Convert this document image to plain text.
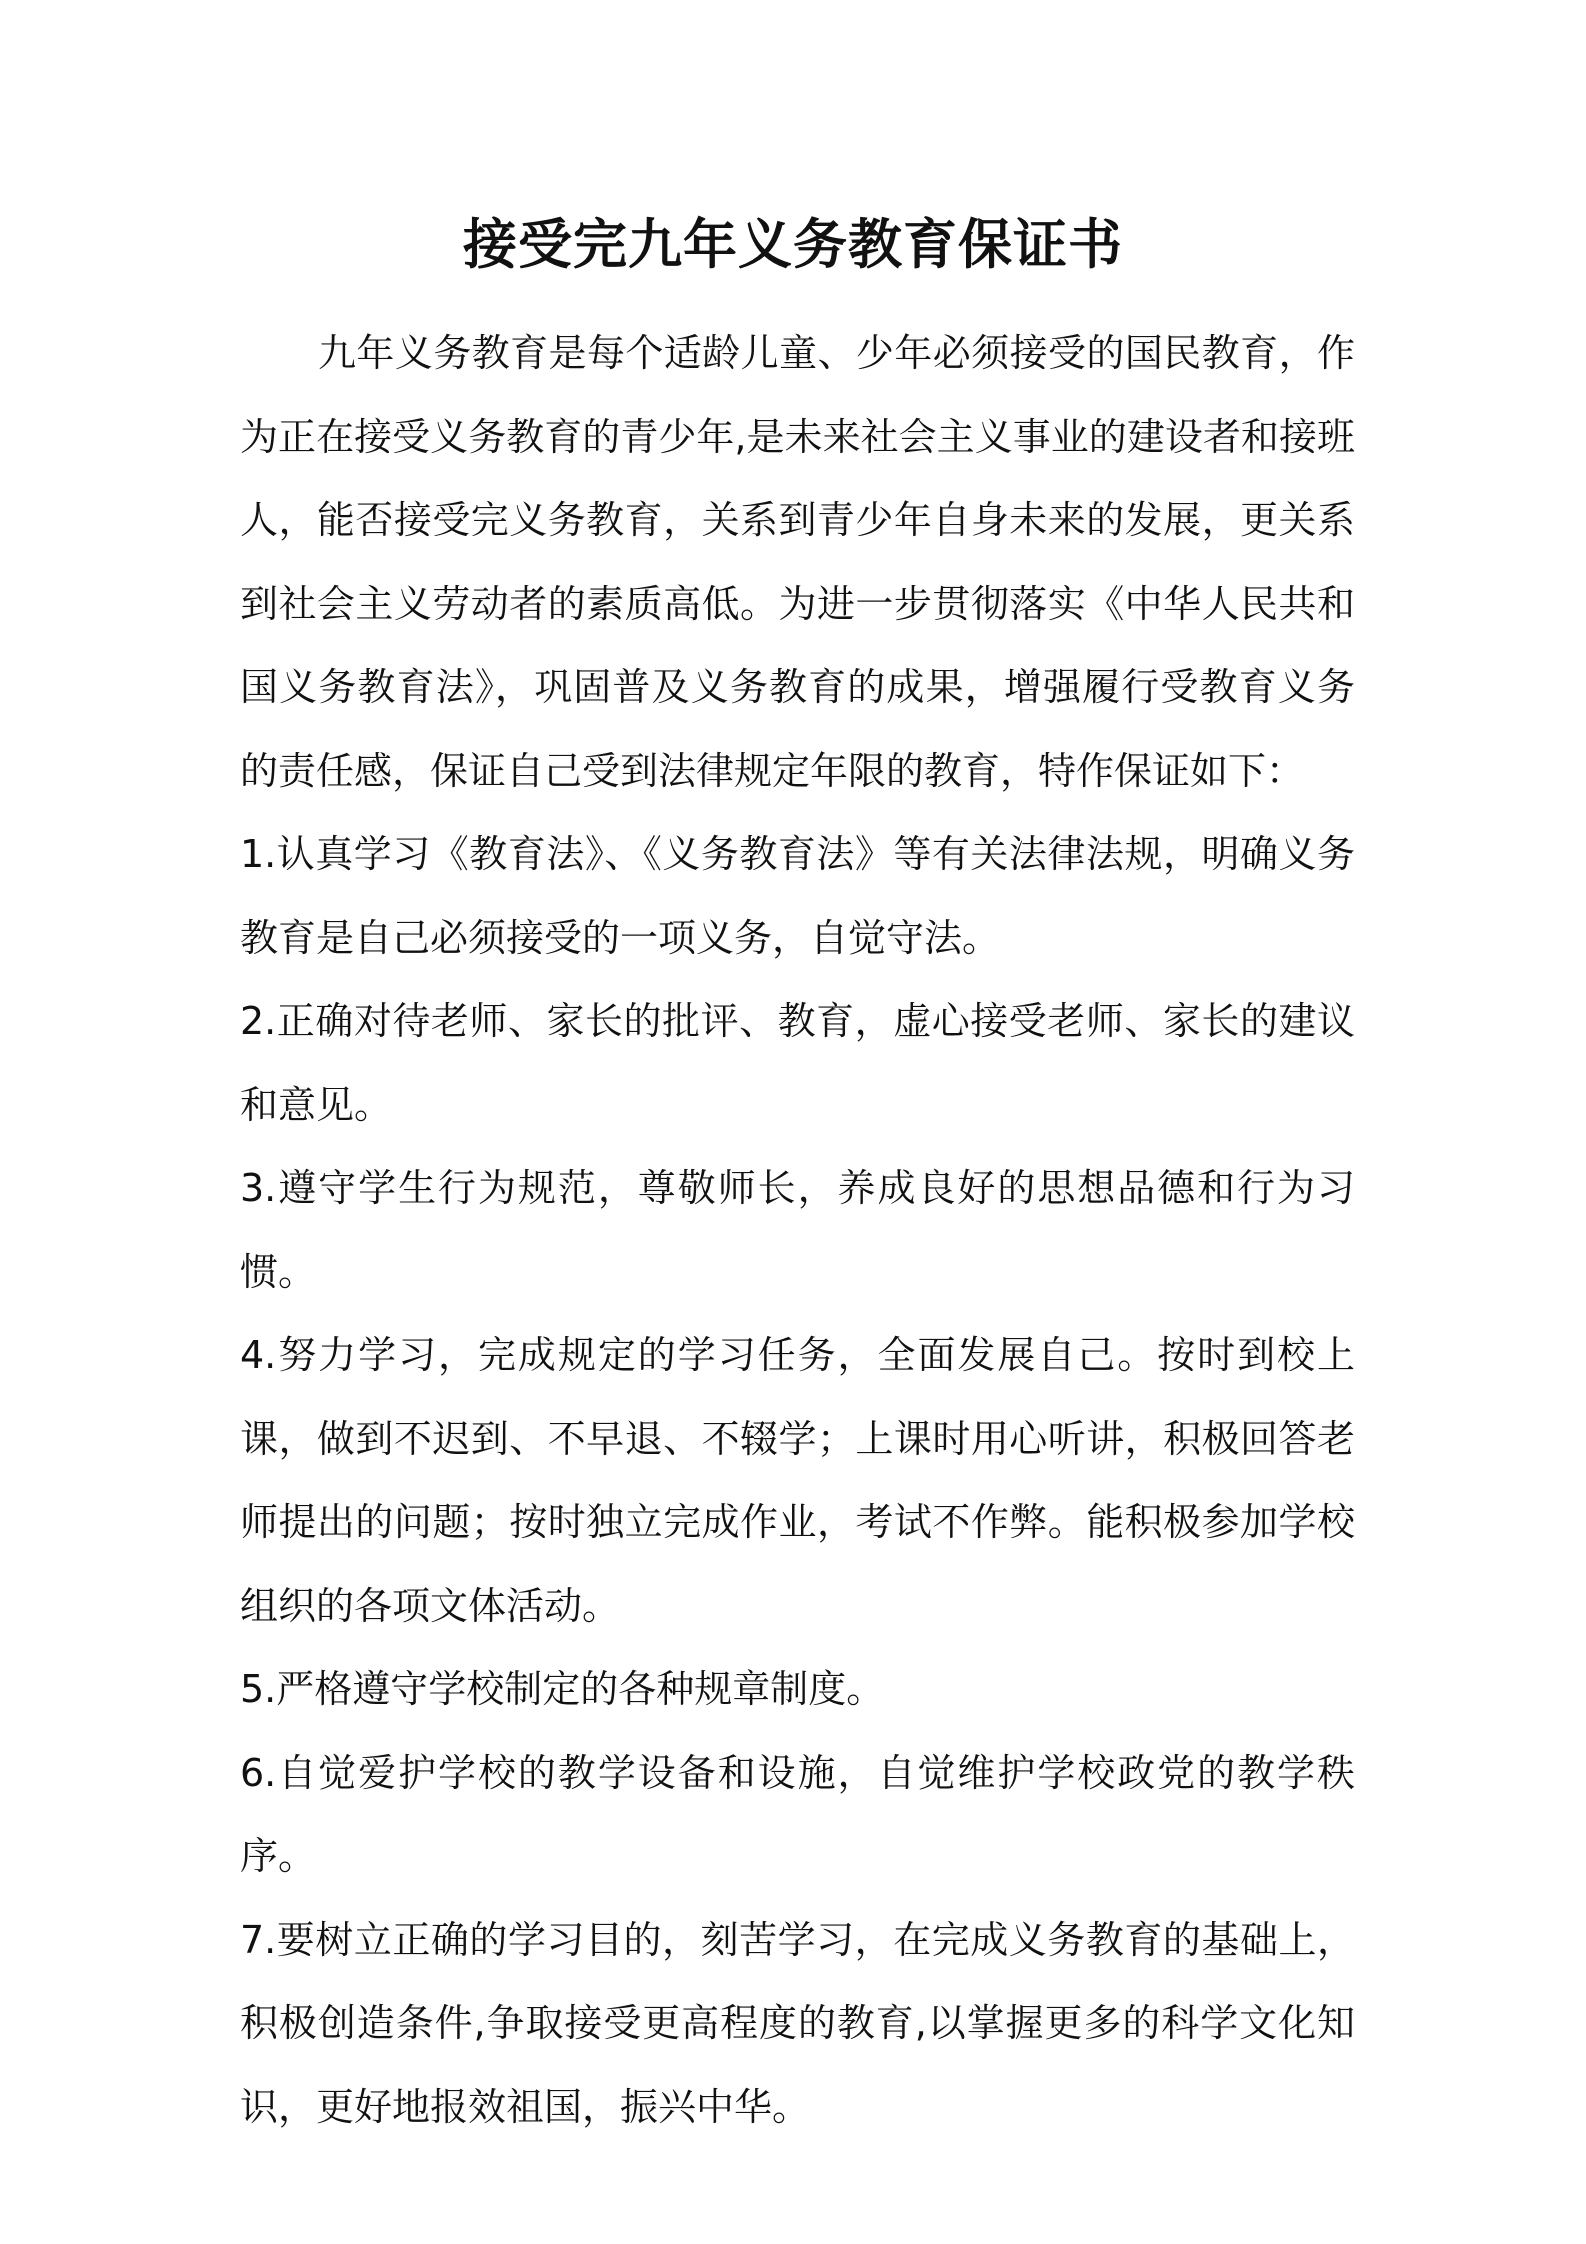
接受完九年义务教育保证书

九年义务教育是每个适龄儿童、少年必须接受的国民教育，作为正在接受义务教育的青少年,是未来社会主义事业的建设者和接班人，能否接受完义务教育，关系到青少年自身未来的发展，更关系到社会主义劳动者的素质高低。为进一步贯彻落实《中华人民共和国义务教育法》，巩固普及义务教育的成果，增强履行受教育义务的责任感，保证自己受到法律规定年限的教育，特作保证如下：

1.认真学习《教育法》、《义务教育法》等有关法律法规，明确义务教育是自己必须接受的一项义务，自觉守法。

2.正确对待老师、家长的批评、教育，虚心接受老师、家长的建议和意见。

3.遵守学生行为规范，尊敬师长，养成良好的思想品德和行为习惯。

4.努力学习，完成规定的学习任务，全面发展自己。按时到校上课，做到不迟到、不早退、不辍学；上课时用心听讲，积极回答老师提出的问题；按时独立完成作业，考试不作弊。能积极参加学校组织的各项文体活动。

5.严格遵守学校制定的各种规章制度。

6.自觉爱护学校的教学设备和设施，自觉维护学校政党的教学秩序。

7.要树立正确的学习目的，刻苦学习，在完成义务教育的基础上，积极创造条件,争取接受更高程度的教育,以掌握更多的科学文化知识，更好地报效祖国，振兴中华。
